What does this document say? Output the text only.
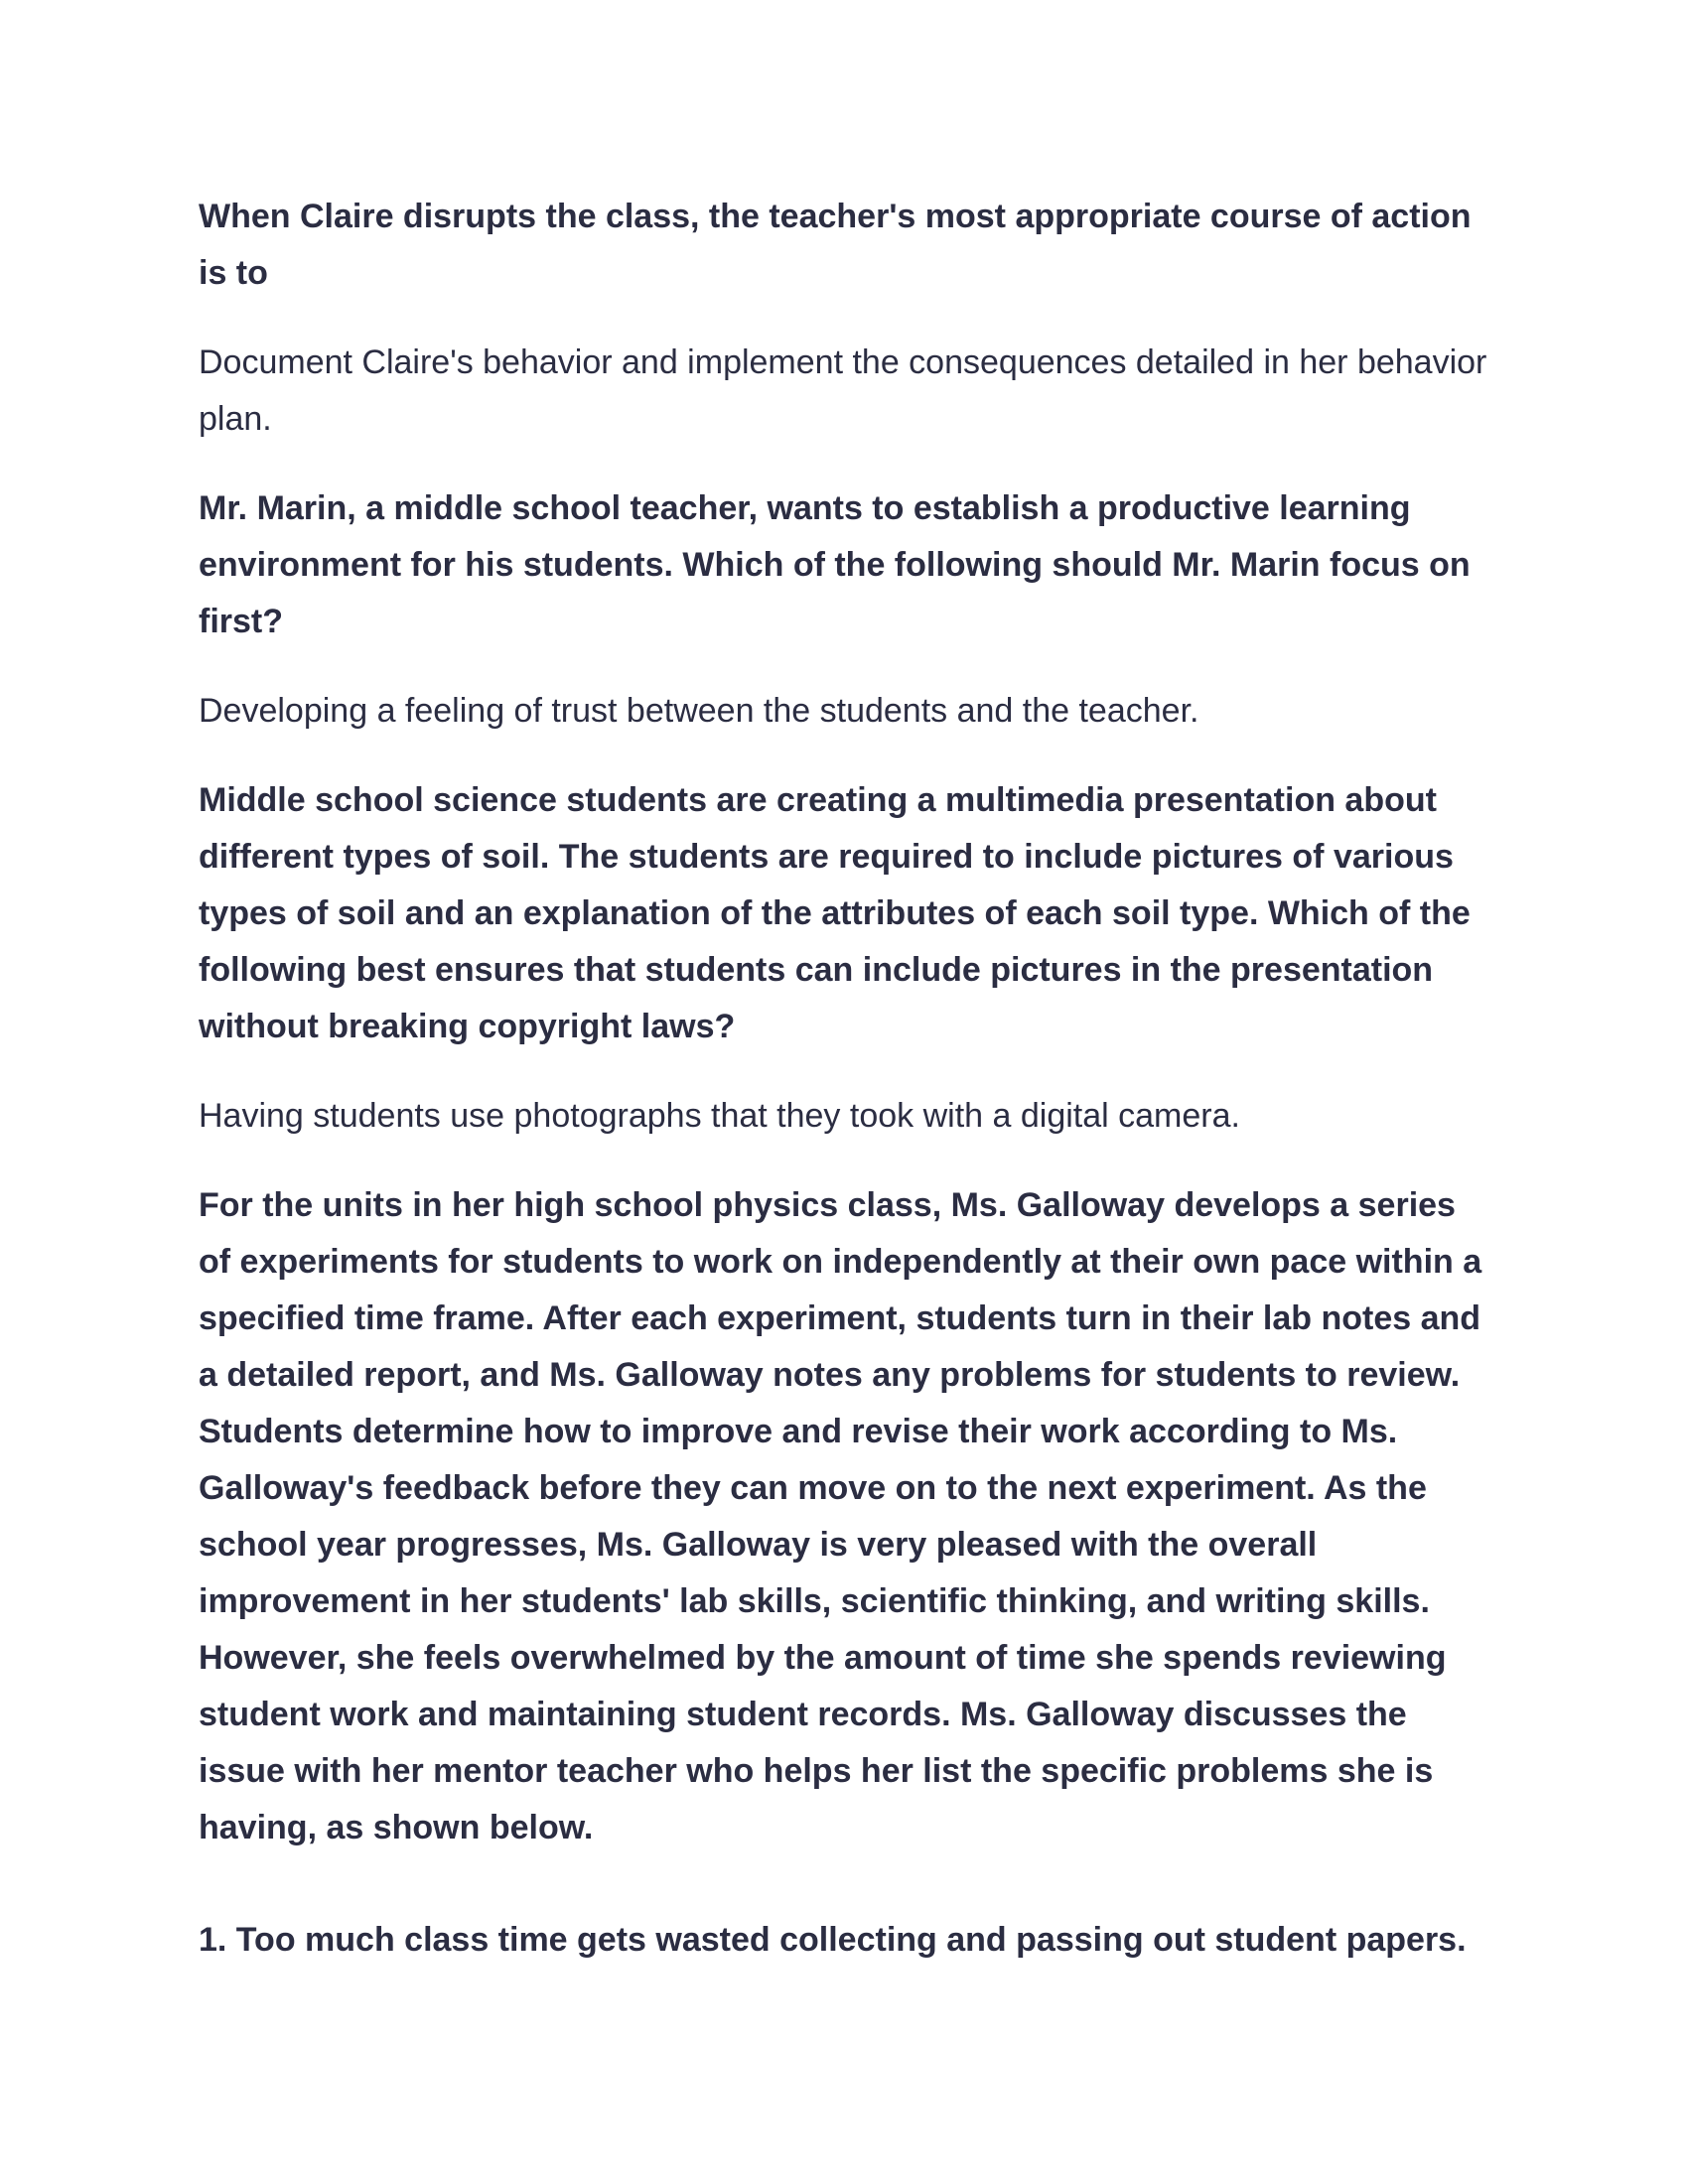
When Claire disrupts the class, the teacher's most appropriate course of action is to

Document Claire's behavior and implement the consequences detailed in her behavior plan.

Mr. Marin, a middle school teacher, wants to establish a productive learning environment for his students. Which of the following should Mr. Marin focus on first?

Developing a feeling of trust between the students and the teacher.

Middle school science students are creating a multimedia presentation about different types of soil. The students are required to include pictures of various types of soil and an explanation of the attributes of each soil type. Which of the following best ensures that students can include pictures in the presentation without breaking copyright laws?

Having students use photographs that they took with a digital camera.

For the units in her high school physics class, Ms. Galloway develops a series of experiments for students to work on independently at their own pace within a specified time frame. After each experiment, students turn in their lab notes and a detailed report, and Ms. Galloway notes any problems for students to review. Students determine how to improve and revise their work according to Ms. Galloway's feedback before they can move on to the next experiment. As the school year progresses, Ms. Galloway is very pleased with the overall improvement in her students' lab skills, scientific thinking, and writing skills. However, she feels overwhelmed by the amount of time she spends reviewing student work and maintaining student records. Ms. Galloway discusses the issue with her mentor teacher who helps her list the specific problems she is having, as shown below.

1. Too much class time gets wasted collecting and passing out student papers.
